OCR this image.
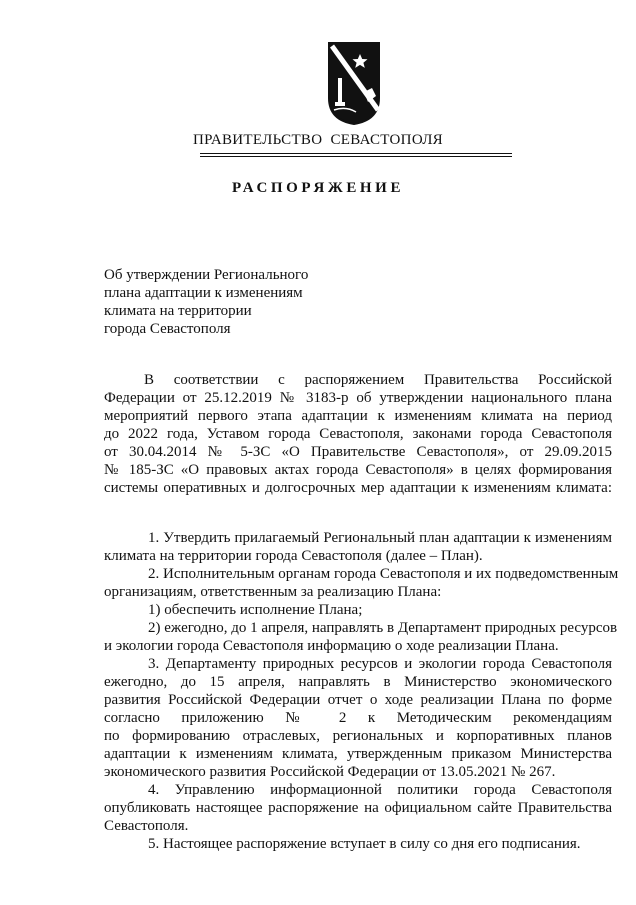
ПРАВИТЕЛЬСТВО  СЕВАСТОПОЛЯ
РАСПОРЯЖЕНИЕ
Об утверждении Регионального
плана адаптации к изменениям
климата на территории
города Севастополя
В соответствии с распоряжением Правительства Российской
Федерации от 25.12.2019 № 3183-р об утверждении национального плана
мероприятий первого этапа адаптации к изменениям климата на период
до 2022 года, Уставом города Севастополя, законами города Севастополя
от 30.04.2014 № 5-ЗС «О Правительстве Севастополя», от 29.09.2015
№ 185-ЗС «О правовых актах города Севастополя» в целях формирования
системы оперативных и долгосрочных мер адаптации к изменениям климата:
1. Утвердить прилагаемый Региональный план адаптации к изменениям
климата на территории города Севастополя (далее – План).
2. Исполнительным органам города Севастополя и их подведомственным
организациям, ответственным за реализацию Плана:
1) обеспечить исполнение Плана;
2) ежегодно, до 1 апреля, направлять в Департамент природных ресурсов
и экологии города Севастополя информацию о ходе реализации Плана.
3. Департаменту природных ресурсов и экологии города Севастополя
ежегодно, до 15 апреля, направлять в Министерство экономического
развития Российской Федерации отчет о ходе реализации Плана по форме
согласно приложению № 2 к Методическим рекомендациям
по формированию отраслевых, региональных и корпоративных планов
адаптации к изменениям климата, утвержденным приказом Министерства
экономического развития Российской Федерации от 13.05.2021 № 267.
4. Управлению информационной политики города Севастополя
опубликовать настоящее распоряжение на официальном сайте Правительства
Севастополя.
5. Настоящее распоряжение вступает в силу со дня его подписания.
